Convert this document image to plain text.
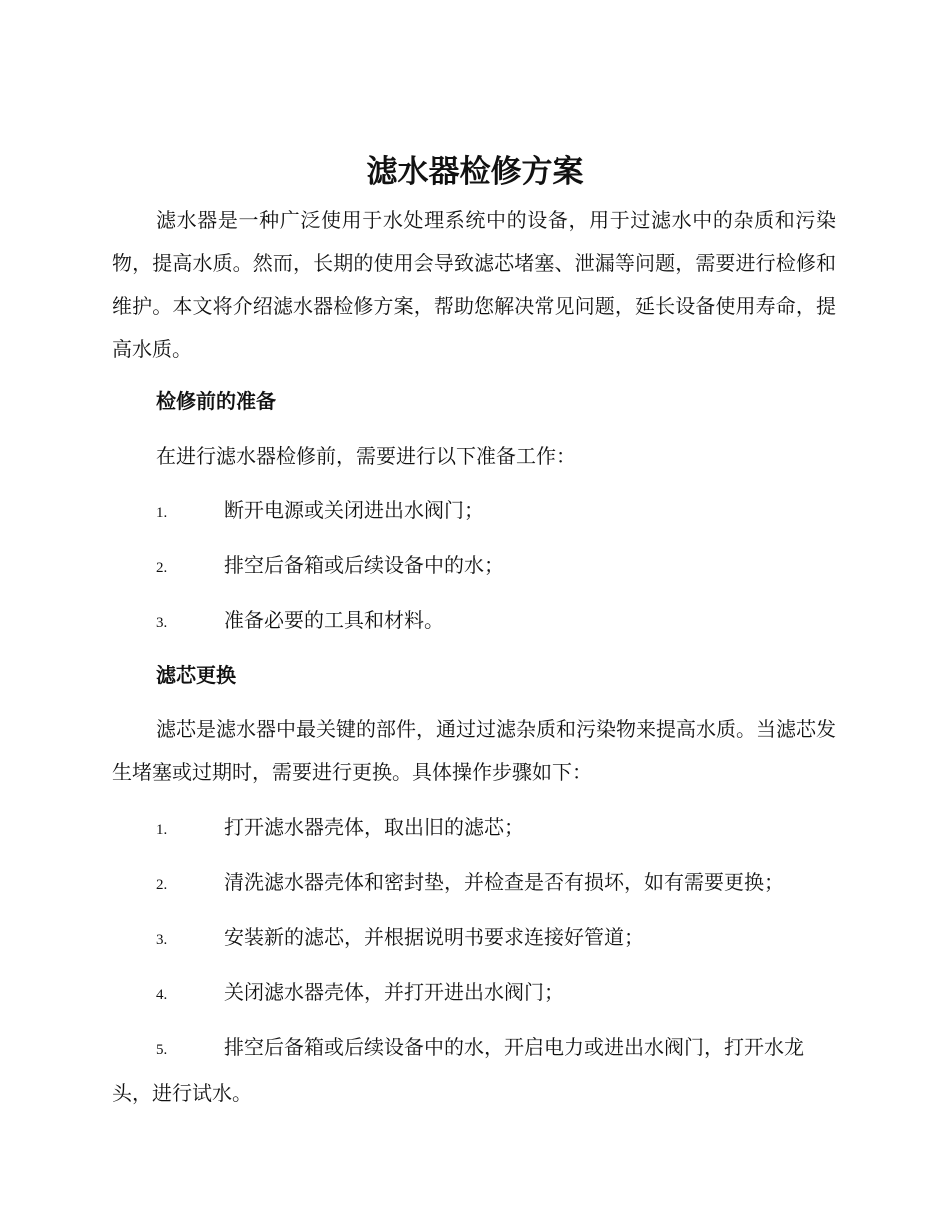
滤水器检修方案

滤水器是一种广泛使用于水处理系统中的设备，用于过滤水中的杂质和污染物，提高水质。然而，长期的使用会导致滤芯堵塞、泄漏等问题，需要进行检修和维护。本文将介绍滤水器检修方案，帮助您解决常见问题，延长设备使用寿命，提高水质。

检修前的准备

在进行滤水器检修前，需要进行以下准备工作：

1.	断开电源或关闭进出水阀门；
2.	排空后备箱或后续设备中的水；
3.	准备必要的工具和材料。
滤芯更换

滤芯是滤水器中最关键的部件，通过过滤杂质和污染物来提高水质。当滤芯发生堵塞或过期时，需要进行更换。具体操作步骤如下：

1.	打开滤水器壳体，取出旧的滤芯；
2.	清洗滤水器壳体和密封垫，并检查是否有损坏，如有需要更换；
3.	安装新的滤芯，并根据说明书要求连接好管道；
4.	关闭滤水器壳体，并打开进出水阀门；
5.	排空后备箱或后续设备中的水，开启电力或进出水阀门，打开水龙头，进行试水。
